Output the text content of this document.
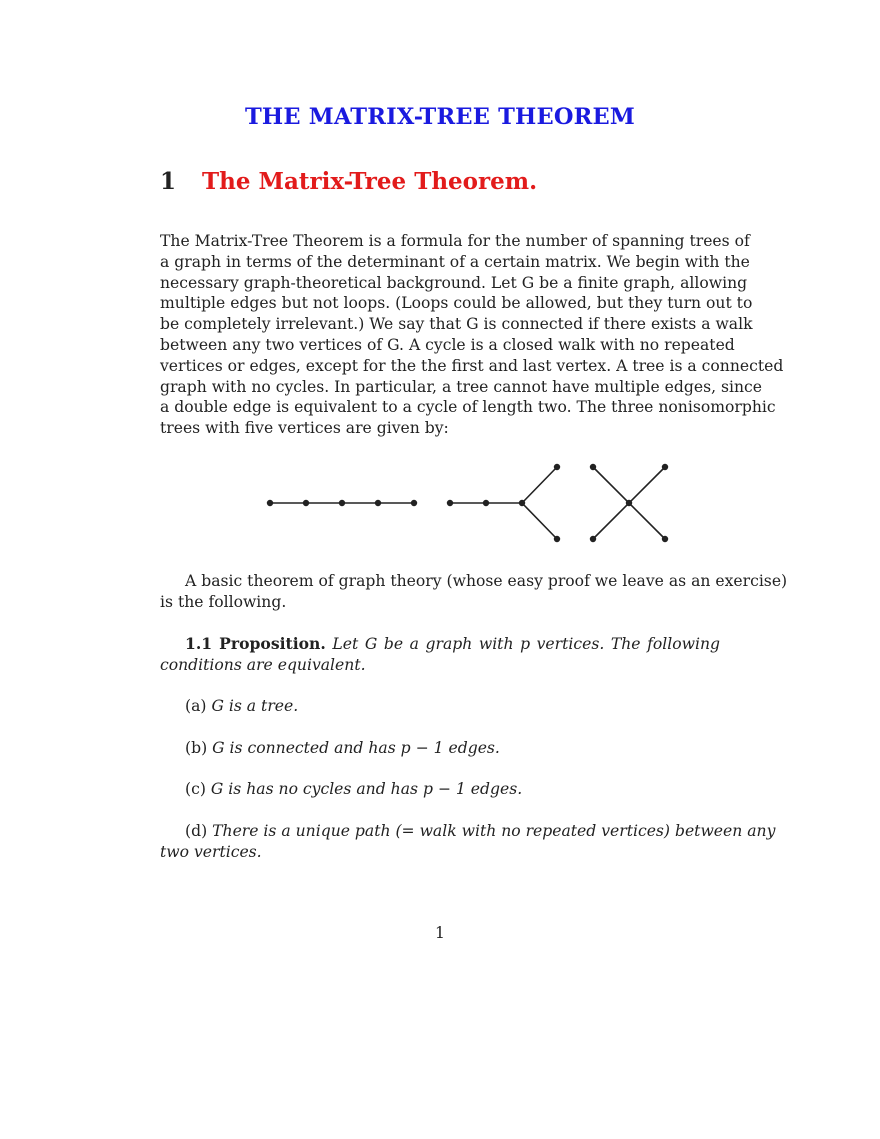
THE MATRIX-TREE THEOREM
1 The Matrix-Tree Theorem.
The Matrix-Tree Theorem is a formula for the number of spanning trees of
a graph in terms of the determinant of a certain matrix. We begin with the
necessary graph-theoretical background. Let G be a finite graph, allowing
multiple edges but not loops. (Loops could be allowed, but they turn out to
be completely irrelevant.) We say that G is connected if there exists a walk
between any two vertices of G. A cycle is a closed walk with no repeated
vertices or edges, except for the the first and last vertex. A tree is a connected
graph with no cycles. In particular, a tree cannot have multiple edges, since
a double edge is equivalent to a cycle of length two. The three nonisomorphic
trees with five vertices are given by:
A basic theorem of graph theory (whose easy proof we leave as an exercise)
is the following.
1.1 Proposition. Let G be a graph with p vertices. The following
conditions are equivalent.
(a) G is a tree.
(b) G is connected and has p − 1 edges.
(c) G is has no cycles and has p − 1 edges.
(d) There is a unique path (= walk with no repeated vertices) between any
two vertices.
1
